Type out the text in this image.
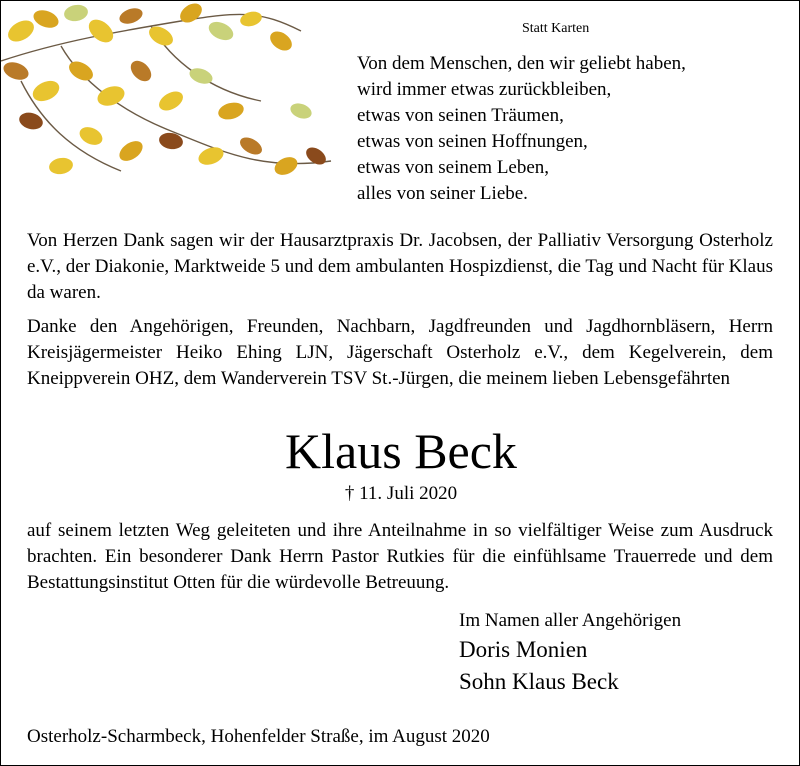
Statt Karten
Von dem Menschen, den wir geliebt haben,
wird immer etwas zurückbleiben,
etwas von seinen Träumen,
etwas von seinen Hoffnungen,
etwas von seinem Leben,
alles von seiner Liebe.
Von Herzen Dank sagen wir der Hausarztpraxis Dr. Jacobsen, der Palliativ Versorgung Osterholz e.V., der Diakonie, Marktweide 5 und dem ambulanten Hospizdienst, die Tag und Nacht für Klaus da waren.
Danke den Angehörigen, Freunden, Nachbarn, Jagdfreunden und Jagdhornbläsern, Herrn Kreisjägermeister Heiko Ehing LJN, Jägerschaft Osterholz e.V., dem Kegelverein, dem Kneippverein OHZ, dem Wanderverein TSV St.-Jürgen, die meinem lieben Lebensgefährten
Klaus Beck
† 11. Juli 2020
auf seinem letzten Weg geleiteten und ihre Anteilnahme in so vielfältiger Weise zum Ausdruck brachten. Ein besonderer Dank Herrn Pastor Rutkies für die einfühlsame Trauerrede und dem Bestattungsinstitut Otten für die würdevolle Betreuung.
Im Namen aller Angehörigen
Doris Monien
Sohn Klaus Beck
Osterholz-Scharmbeck, Hohenfelder Straße, im August 2020
